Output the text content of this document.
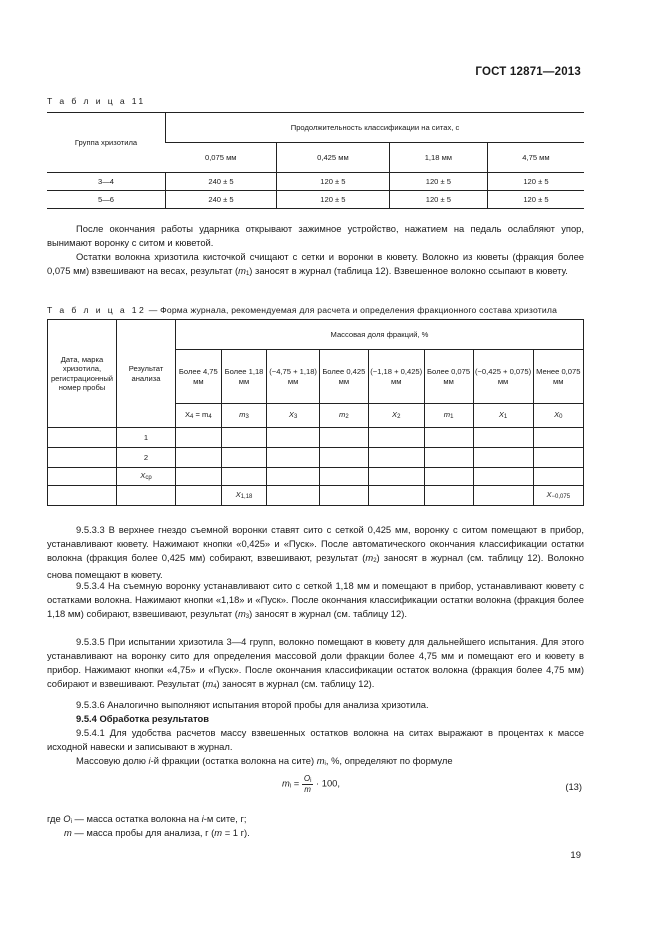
ГОСТ 12871—2013
Т а б л и ц а 11
Группа хризотила	Продолжительность классификации на ситах, с			
	0,075 мм	0,425 мм	1,18 мм	4,75 мм
3—4	240 ± 5	120 ± 5	120 ± 5	120 ± 5
5—6	240 ± 5	120 ± 5	120 ± 5	120 ± 5
После окончания работы ударника открывают зажимное устройство, нажатием на педаль ослабляют упор, вынимают воронку с ситом и кюветой.
Остатки волокна хризотила кисточкой счищают с сетки и воронки в кювету. Волокно из кюветы (фракция более 0,075 мм) взвешивают на весах, результат (m1) заносят в журнал (таблица 12). Взвешенное волокно ссыпают в кювету.
Т а б л и ц а 12 — Форма журнала, рекомендуемая для расчета и определения фракционного состава хризотила
Дата, марка хризотила, регистрационный номер пробы	Результат анализа	Массовая доля фракций, %							
		Более 4,75 мм	Более 1,18 мм	(−4,75 + 1,18) мм	Более 0,425 мм	(−1,18 + 0,425) мм	Более 0,075 мм	(−0,425 + 0,075) мм	Менее 0,075 мм
		X4 = m4	m3	X3	m2	X2	m1	X1	X0
	1								
	2								
	Xср								
			X1,18						X−0,075
9.5.3.3 В верхнее гнездо съемной воронки ставят сито с сеткой 0,425 мм, воронку с ситом помещают в прибор, устанавливают кювету. Нажимают кнопки «0,425» и «Пуск». После автоматического окончания классификации остатки волокна (фракция более 0,425 мм) собирают, взвешивают, результат (m2) заносят в журнал (см. таблицу 12). Волокно снова помещают в кювету.
9.5.3.4 На съемную воронку устанавливают сито с сеткой 1,18 мм и помещают в прибор, устанавливают кювету с остатками волокна. Нажимают кнопки «1,18» и «Пуск». После окончания классификации остатки волокна (фракция более 1,18 мм) собирают, взвешивают, результат (m3) заносят в журнал (см. таблицу 12).
9.5.3.5 При испытании хризотила 3—4 групп, волокно помещают в кювету для дальнейшего испытания. Для этого устанавливают на воронку сито для определения массовой доли фракции более 4,75 мм и помещают его и кювету в прибор. Нажимают кнопки «4,75» и «Пуск». После окончания классификации остаток волокна (фракция более 4,75 мм) собирают и взвешивают. Результат (m4) заносят в журнал (см. таблицу 12).
9.5.3.6 Аналогично выполняют испытания второй пробы для анализа хризотила.
9.5.4 Обработка результатов
9.5.4.1 Для удобства расчетов массу взвешенных остатков волокна на ситах выражают в процентах к массе исходной навески и записывают в журнал.
Массовую долю i-й фракции (остатка волокна на сите) mi, %, определяют по формуле
mi = $\frac{Oi}{m} \cdot 100$,	(13)
где Oi — масса остатка волокна на i-м сите, г;
m — масса пробы для анализа, г (m = 1 г).
19
